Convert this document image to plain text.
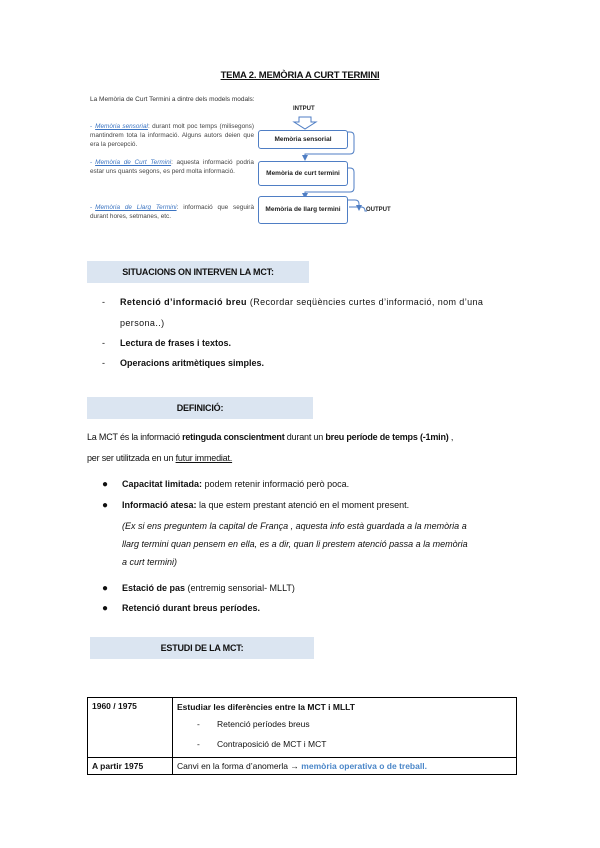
TEMA 2. MEMÒRIA A CURT TERMINI
La Memòria de Curt Termini a dintre dels models modals:
- Memòria sensorial: durant molt poc temps (milisegons) mantindrem tota la informació. Alguns autors deien que era la percepció.
- Memòria de Curt Termini: aquesta informació podria estar uns quants segons, es perd molta informació.
- Memòria de Llarg Termini: informació que seguirà durant hores, setmanes, etc.
INTPUT
OUTPUT
Memòria sensorial
Memòria de curt termini
Memòria de llarg termini
SITUACIONS ON INTERVEN LA MCT:
- Retenció d’informació breu (Recordar seqüències curtes d’informació, nom d’una
persona..)
- Lectura de frases i textos.
- Operacions aritmètiques simples.
DEFINICIÓ:
La MCT és la informació retinguda conscientment durant un breu període de temps (-1min) ,
per ser utilitzada en un futur immediat.
● Capacitat limitada: podem retenir informació però poca.
● Informació atesa: la que estem prestant atenció en el moment present.
(Ex si ens preguntem la capital de França , aquesta info està guardada a la memòria a
llarg termini quan pensem en ella, es a dir, quan li prestem atenció passa a la memòria
a curt termini)
● Estació de pas (entremig sensorial- MLLT)
● Retenció durant breus períodes.
ESTUDI DE LA MCT:
1960 / 1975	Estudiar les diferències entre la MCT i MLLT
- Retenció períodes breus
- Contraposició de MCT i MCT

A partir 1975	Canvi en la forma d’anomerla → memòria operativa o de treball.
